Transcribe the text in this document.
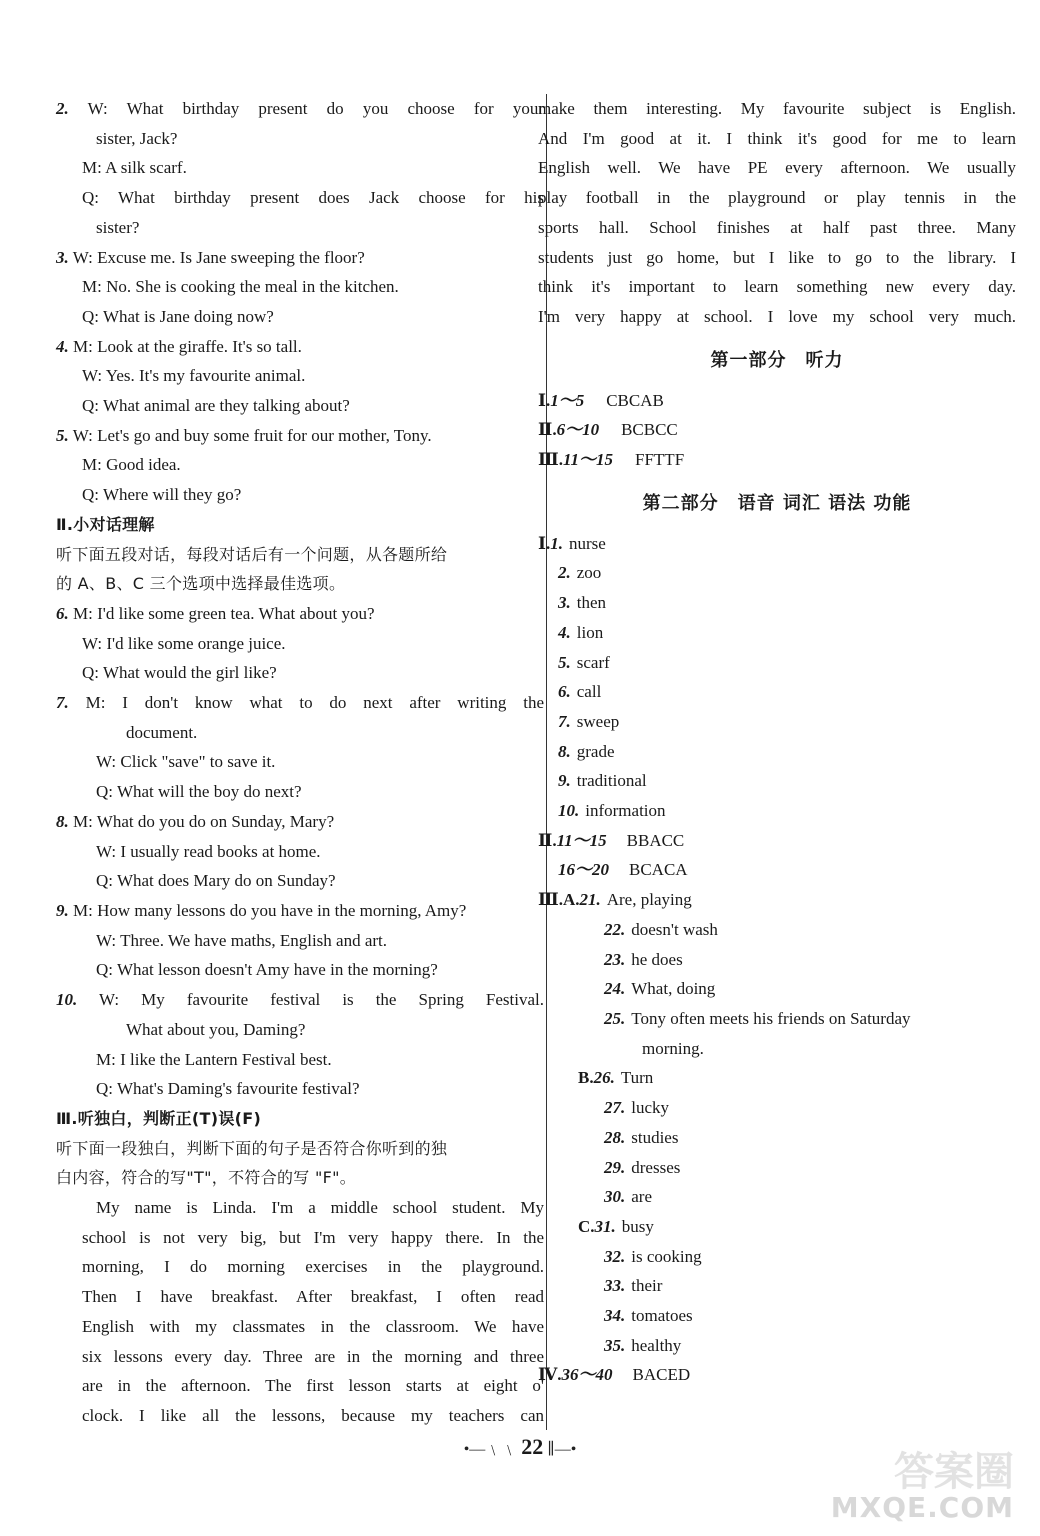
2. W: What birthday present do you choose for your
sister, Jack?
M: A silk scarf.
Q: What birthday present does Jack choose for his
sister?
3. W: Excuse me. Is Jane sweeping the floor?
M: No. She is cooking the meal in the kitchen.
Q: What is Jane doing now?
4. M: Look at the giraffe. It's so tall.
W: Yes. It's my favourite animal.
Q: What animal are they talking about?
5. W: Let's go and buy some fruit for our mother, Tony.
M: Good idea.
Q: Where will they go?
Ⅱ.小对话理解
听下面五段对话，每段对话后有一个问题，从各题所给
的 A、B、C 三个选项中选择最佳选项。
6. M: I'd like some green tea. What about you?
W: I'd like some orange juice.
Q: What would the girl like?
7. M: I don't know what to do next after writing the
document.
W: Click "save" to save it.
Q: What will the boy do next?
8. M: What do you do on Sunday, Mary?
W: I usually read books at home.
Q: What does Mary do on Sunday?
9. M: How many lessons do you have in the morning, Amy?
W: Three. We have maths, English and art.
Q: What lesson doesn't Amy have in the morning?
10. W: My favourite festival is the Spring Festival.
What about you, Daming?
M: I like the Lantern Festival best.
Q: What's Daming's favourite festival?
Ⅲ.听独白，判断正(T)误(F)
听下面一段独白，判断下面的句子是否符合你听到的独
白内容，符合的写"T"，不符合的写 "F"。
My name is Linda. I'm a middle school student. My
school is not very big, but I'm very happy there. In the
morning, I do morning exercises in the playground.
Then I have breakfast. After breakfast, I often read
English with my classmates in the classroom. We have
six lessons every day. Three are in the morning and three
are in the afternoon. The first lesson starts at eight o'
clock. I like all the lessons, because my teachers can
make them interesting. My favourite subject is English.
And I'm good at it. I think it's good for me to learn
English well. We have PE every afternoon. We usually
play football in the playground or play tennis in the
sports hall. School finishes at half past three. Many
students just go home, but I like to go to the library. I
think it's important to learn something new every day.
I'm very happy at school. I love my school very much.
第一部分　听力
Ⅰ.1～5 CBCAB
Ⅱ.6～10 BCBCC
Ⅲ.11～15 FFTTF
第二部分　语音 词汇 语法 功能
Ⅰ.1. nurse
2. zoo
3. then
4. lion
5. scarf
6. call
7. sweep
8. grade
9. traditional
10. information
Ⅱ.11～15 BBACC
16～20 BCACA
Ⅲ.A.21. Are, playing
22. doesn't wash
23. he does
24. What, doing
25. Tony often meets his friends on Saturday
morning.
B.26. Turn
27. lucky
28. studies
29. dresses
30. are
C.31. busy
32. is cooking
33. their
34. tomatoes
35. healthy
Ⅳ.36～40 BACED
•—﹨﹨ 22 ∥—•	答案圈
MXQE.COM
